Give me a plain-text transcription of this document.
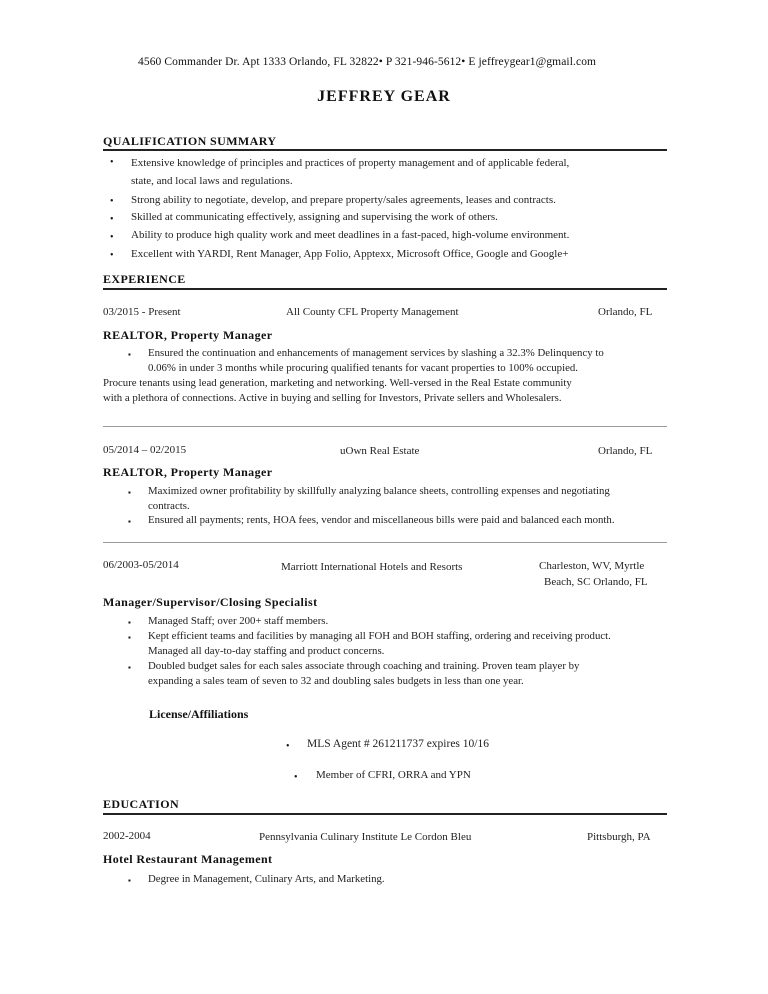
4560 Commander Dr. Apt 1333 Orlando, FL 32822• P 321-946-5612• E jeffreygear1@gmail.com
JEFFREY GEAR
QUALIFICATION SUMMARY
• Extensive knowledge of principles and practices of property management and of applicable federal,
state, and local laws and regulations.
• Strong ability to negotiate, develop, and prepare property/sales agreements, leases and contracts.
• Skilled at communicating effectively, assigning and supervising the work of others.
• Ability to produce high quality work and meet deadlines in a fast-paced, high-volume environment.
• Excellent with YARDI, Rent Manager, App Folio, Apptexx, Microsoft Office, Google and Google+
EXPERIENCE
03/2015 - Present	All County CFL Property Management	Orlando, FL
REALTOR, Property Manager
▪ Ensured the continuation and enhancements of management services by slashing a 32.3% Delinquency to
0.06% in under 3 months while procuring qualified tenants for vacant properties to 100% occupied.
Procure tenants using lead generation, marketing and networking. Well-versed in the Real Estate community
with a plethora of connections. Active in buying and selling for Investors, Private sellers and Wholesalers.
05/2014 – 02/2015	uOwn Real Estate	Orlando, FL
REALTOR, Property Manager
▪ Maximized owner profitability by skillfully analyzing balance sheets, controlling expenses and negotiating
contracts.
▪ Ensured all payments; rents, HOA fees, vendor and miscellaneous bills were paid and balanced each month.
06/2003-05/2014	Marriott International Hotels and Resorts	Charleston, WV, Myrtle
Beach, SC Orlando, FL
Manager/Supervisor/Closing Specialist
▪ Managed Staff; over 200+ staff members.
▪ Kept efficient teams and facilities by managing all FOH and BOH staffing, ordering and receiving product.
Managed all day-to-day staffing and product concerns.
▪ Doubled budget sales for each sales associate through coaching and training. Proven team player by
expanding a sales team of seven to 32 and doubling sales budgets in less than one year.
License/Affiliations
• MLS Agent # 261211737 expires 10/16
• Member of CFRI, ORRA and YPN
EDUCATION
2002-2004	Pennsylvania Culinary Institute Le Cordon Bleu	Pittsburgh, PA
Hotel Restaurant Management
▪ Degree in Management, Culinary Arts, and Marketing.
